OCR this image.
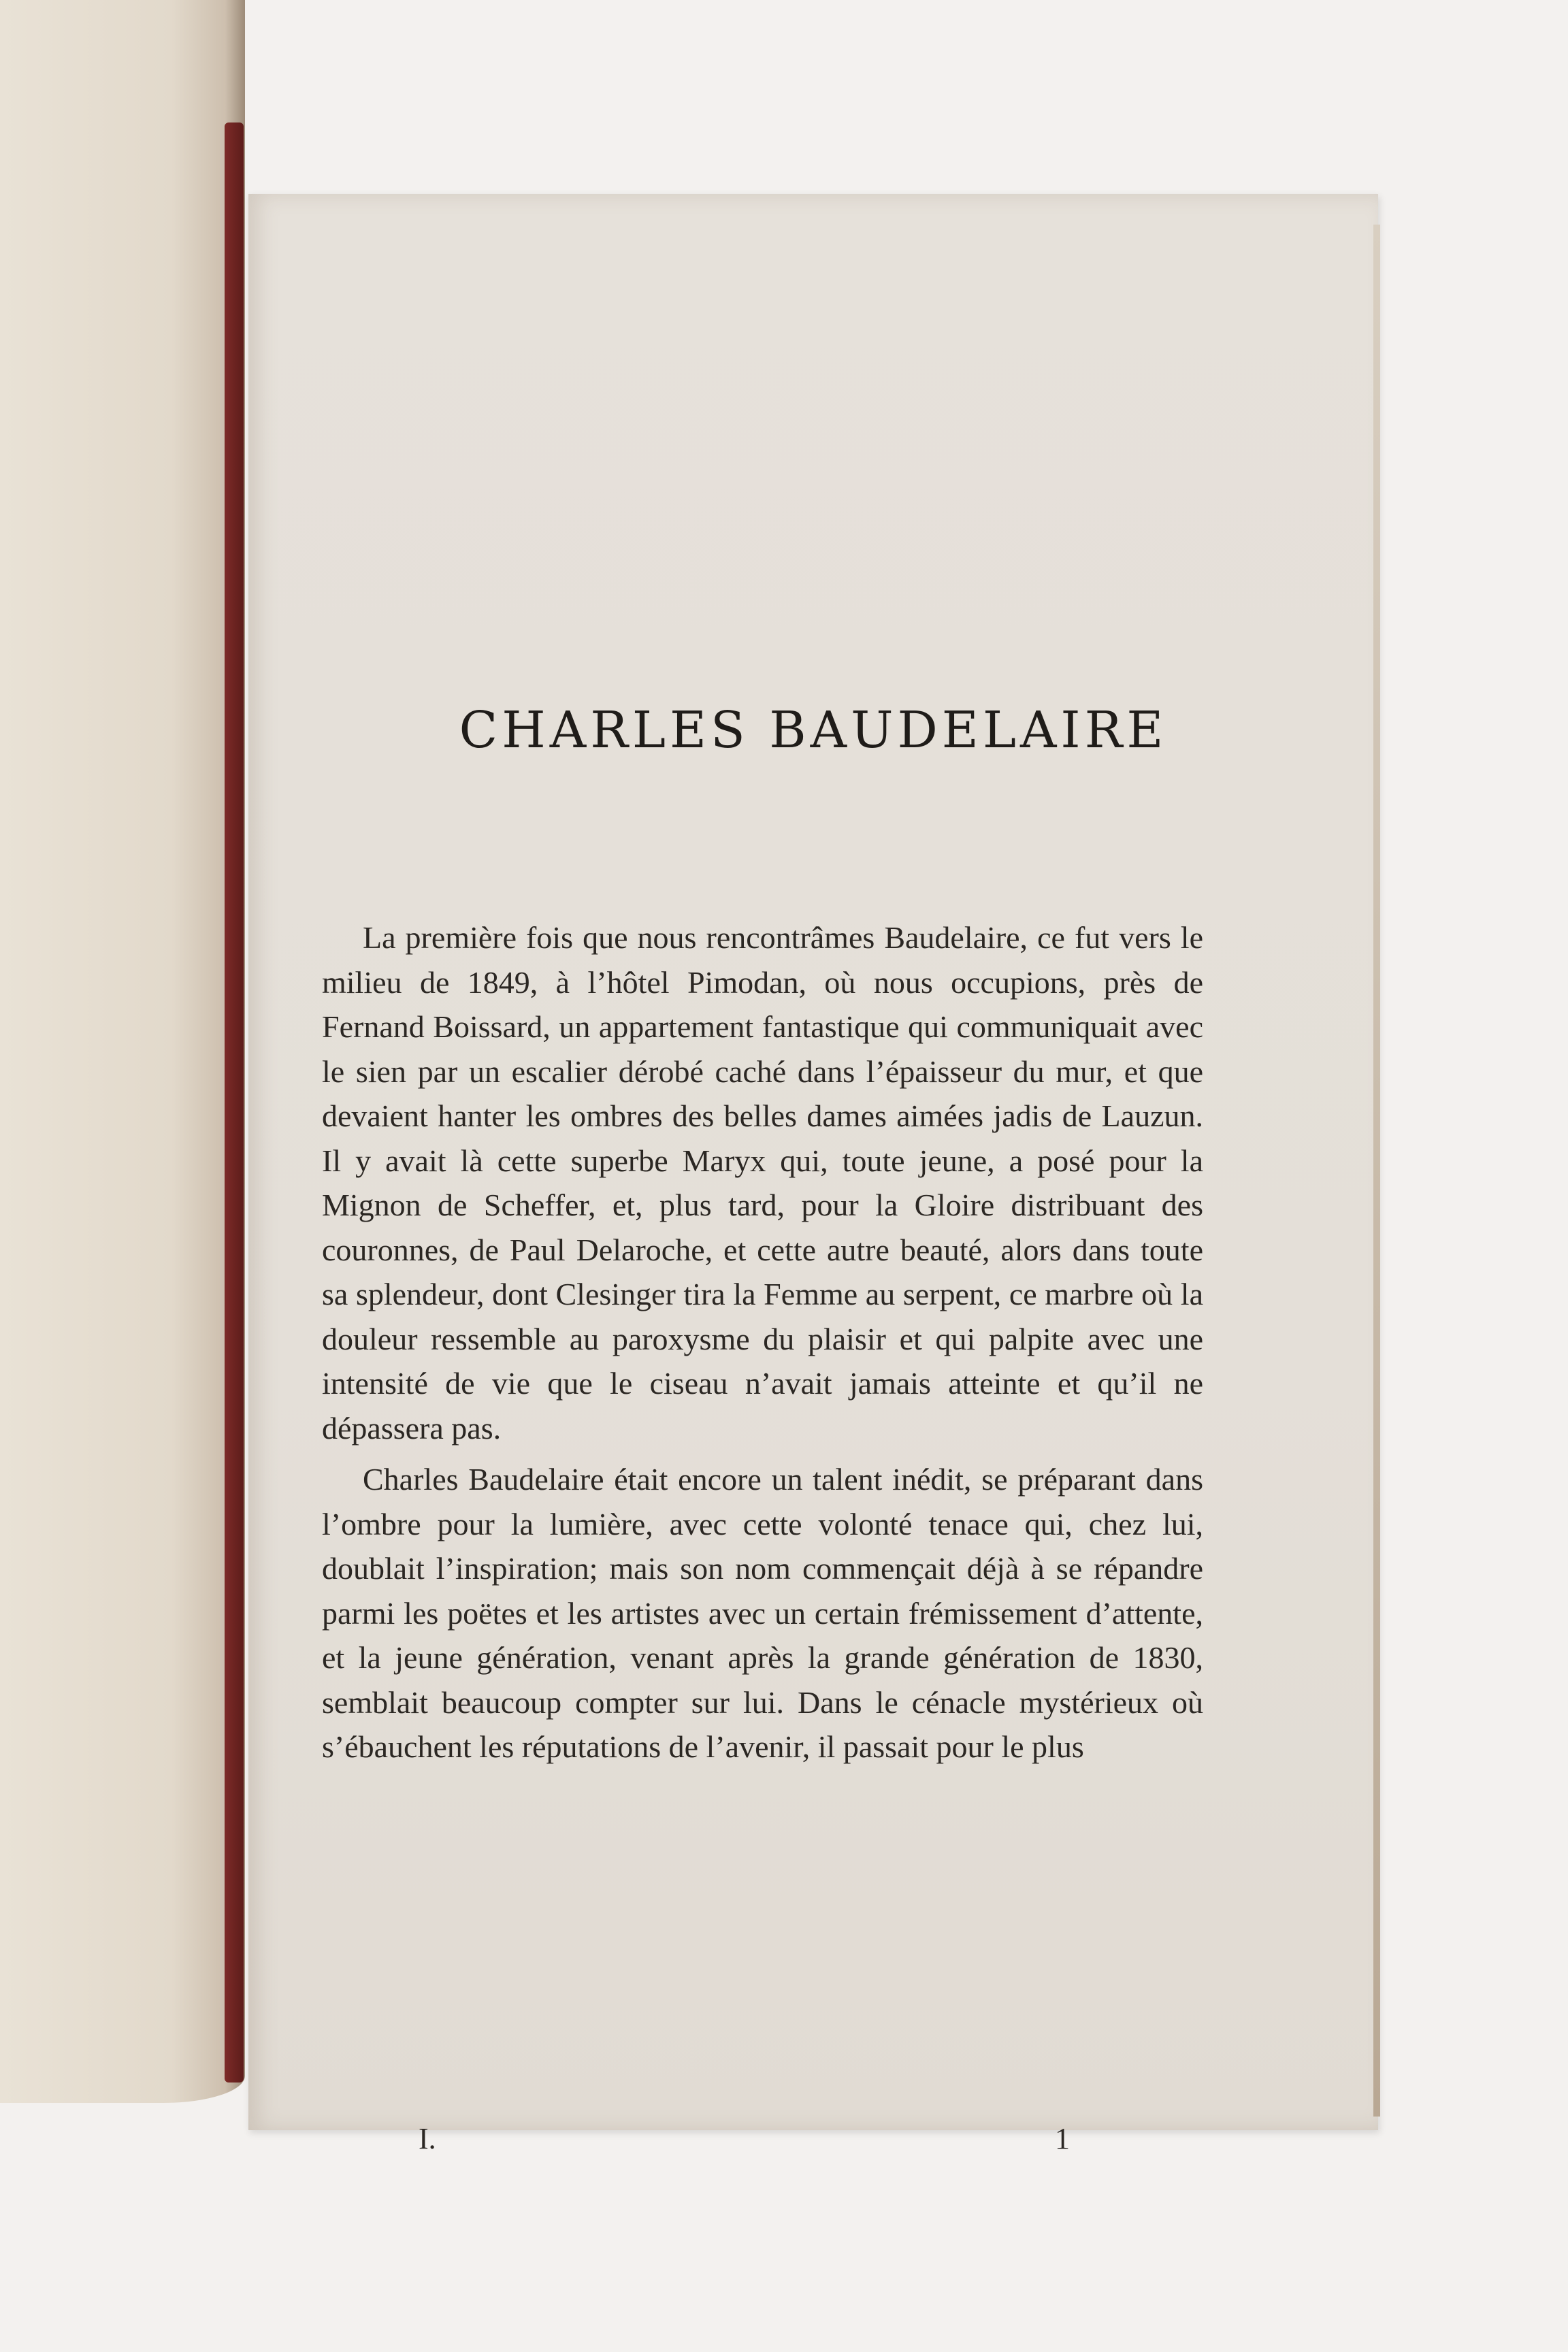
CHARLES BAUDELAIRE

La première fois que nous rencontrâmes Baudelaire, ce fut vers le milieu de 1849, à l’hôtel Pimodan, où nous occupions, près de Fernand Boissard, un appartement fantastique qui communiquait avec le sien par un escalier dérobé caché dans l’épaisseur du mur, et que devaient hanter les ombres des belles dames aimées jadis de Lauzun. Il y avait là cette superbe Maryx qui, toute jeune, a posé pour la Mignon de Scheffer, et, plus tard, pour la Gloire distribuant des couronnes, de Paul Delaroche, et cette autre beauté, alors dans toute sa splendeur, dont Clesinger tira la Femme au serpent, ce marbre où la douleur ressemble au paroxysme du plaisir et qui palpite avec une intensité de vie que le ciseau n’avait jamais atteinte et qu’il ne dépassera pas.

Charles Baudelaire était encore un talent inédit, se préparant dans l’ombre pour la lumière, avec cette volonté tenace qui, chez lui, doublait l’inspiration; mais son nom commençait déjà à se répandre parmi les poëtes et les artistes avec un certain frémissement d’attente, et la jeune génération, venant après la grande génération de 1830, semblait beaucoup compter sur lui. Dans le cénacle mystérieux où s’ébauchent les réputations de l’avenir, il passait pour le plus

I.	1
